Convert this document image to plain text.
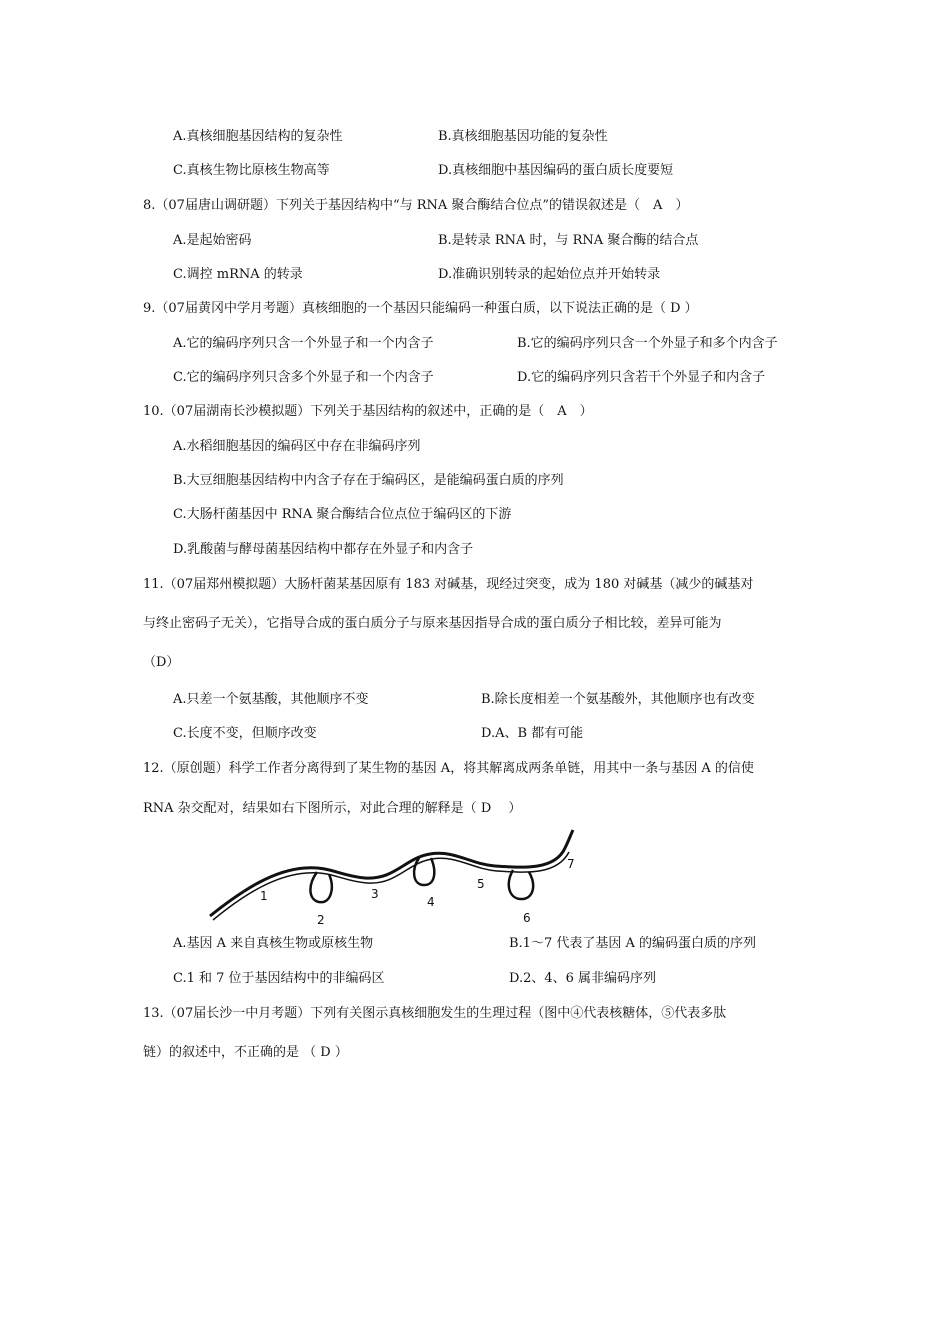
A.真核细胞基因结构的复杂性	B.真核细胞基因功能的复杂性
C.真核生物比原核生物高等	D.真核细胞中基因编码的蛋白质长度要短
8.（07届唐山调研题）下列关于基因结构中“与 RNA 聚合酶结合位点”的错误叙述是（　A　）
A.是起始密码	B.是转录 RNA 时，与 RNA 聚合酶的结合点
C.调控 mRNA 的转录	D.准确识别转录的起始位点并开始转录
9.（07届黄冈中学月考题）真核细胞的一个基因只能编码一种蛋白质，以下说法正确的是（ D ）
A.它的编码序列只含一个外显子和一个内含子	B.它的编码序列只含一个外显子和多个内含子
C.它的编码序列只含多个外显子和一个内含子	D.它的编码序列只含若干个外显子和内含子
10.（07届湖南长沙模拟题）下列关于基因结构的叙述中，正确的是（　A　）
A.水稻细胞基因的编码区中存在非编码序列
B.大豆细胞基因结构中内含子存在于编码区，是能编码蛋白质的序列
C.大肠杆菌基因中 RNA 聚合酶结合位点位于编码区的下游
D.乳酸菌与酵母菌基因结构中都存在外显子和内含子
11.（07届郑州模拟题）大肠杆菌某基因原有 183 对碱基，现经过突变，成为 180 对碱基（减少的碱基对
与终止密码子无关），它指导合成的蛋白质分子与原来基因指导合成的蛋白质分子相比较，差异可能为
（D）
A.只差一个氨基酸，其他顺序不变	B.除长度相差一个氨基酸外，其他顺序也有改变
C.长度不变，但顺序改变	D.A、B 都有可能
12.（原创题）科学工作者分离得到了某生物的基因 A，将其解离成两条单链，用其中一条与基因 A 的信使
RNA 杂交配对，结果如右下图所示，对此合理的解释是（ D　 ）
1
2
3
4
5
6
7
A.基因 A 来自真核生物或原核生物	B.1～7 代表了基因 A 的编码蛋白质的序列
C.1 和 7 位于基因结构中的非编码区	D.2、4、6 属非编码序列
13.（07届长沙一中月考题）下列有关图示真核细胞发生的生理过程（图中④代表核糖体，⑤代表多肽
链）的叙述中，不正确的是 （ D ）
